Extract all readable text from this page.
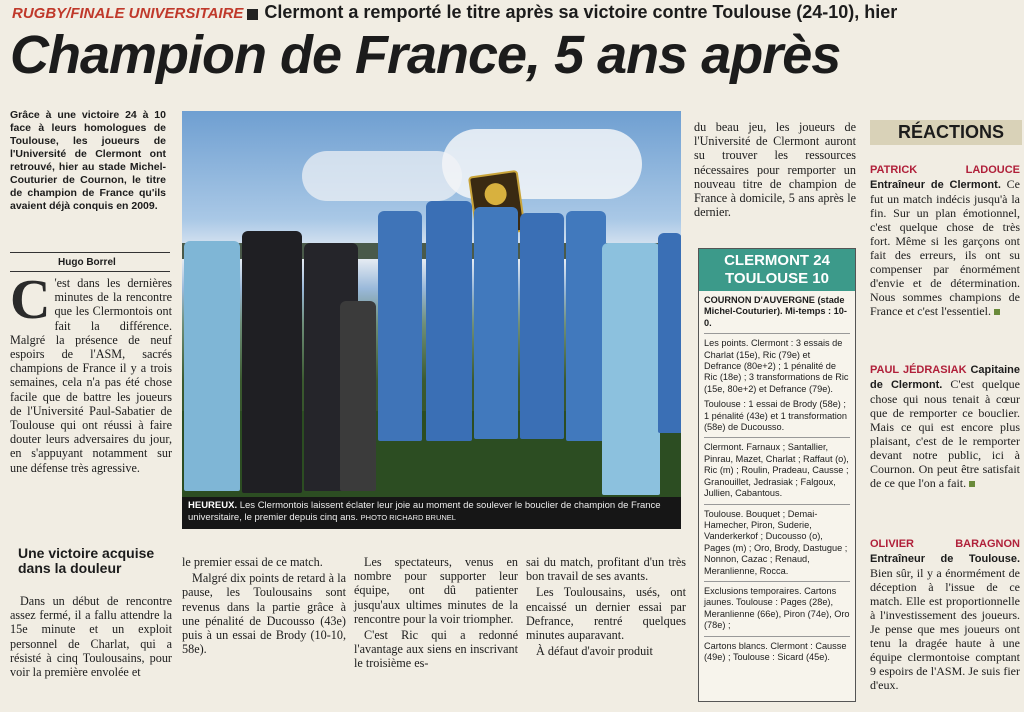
RUGBY/FINALE UNIVERSITAIRE Clermont a remporté le titre après sa victoire contre Toulouse (24-10), hier
Champion de France, 5 ans après
Grâce à une victoire 24 à 10 face à leurs homologues de Toulouse, les joueurs de l'Université de Clermont ont retrouvé, hier au stade Michel-Couturier de Cournon, le titre de champion de France qu'ils avaient déjà conquis en 2009.
Hugo Borrel
C 'est dans les dernières minutes de la rencontre que les Clermontois ont fait la différence. Malgré la présence de neuf espoirs de l'ASM, sacrés champions de France il y a trois semaines, cela n'a pas été chose facile que de battre les joueurs de l'Université Paul-Sabatier de Toulouse qui ont réussi à faire douter leurs adversaires du jour, en s'appuyant notamment sur une défense très agressive.
Une victoire acquise dans la douleur

Dans un début de rencontre assez fermé, il a fallu attendre la 15e minute et un exploit personnel de Charlat, qui a résisté à cinq Toulousains, pour voir la première envolée et

HEUREUX. Les Clermontois laissent éclater leur joie au moment de soulever le bouclier de champion de France universitaire, le premier depuis cinq ans. PHOTO RICHARD BRUNEL

le premier essai de ce match.

Malgré dix points de retard à la pause, les Toulousains sont revenus dans la partie grâce à une pénalité de Ducousso (43e) puis à un essai de Brody (10-10, 58e).

Les spectateurs, venus en nombre pour supporter leur équipe, ont dû patienter jusqu'aux ultimes minutes de la rencontre pour la voir triompher.

C'est Ric qui a redonné l'avantage aux siens en inscrivant le troisième es-

sai du match, profitant d'un très bon travail de ses avants.

Les Toulousains, usés, ont encaissé un dernier essai par Defrance, rentré quelques minutes auparavant.

À défaut d'avoir produit

du beau jeu, les joueurs de l'Université de Clermont auront su trouver les ressources nécessaires pour remporter un nouveau titre de champion de France à domicile, 5 ans après le dernier.

CLERMONT 24
TOULOUSE 10

COURNON D'AUVERGNE (stade Michel-Couturier). Mi-temps : 10-0.

Les points. Clermont : 3 essais de Charlat (15e), Ric (79e) et Defrance (80e+2) ; 1 pénalité de Ric (18e) ; 3 transformations de Ric (15e, 80e+2) et Defrance (79e).

Toulouse : 1 essai de Brody (58e) ; 1 pénalité (43e) et 1 transformation (58e) de Ducousso.

Clermont. Farnaux ; Santallier, Pinrau, Mazet, Charlat ; Raffaut (o), Ric (m) ; Roulin, Pradeau, Causse ; Granouillet, Jedrasiak ; Falgoux, Jullien, Cabantous.

Toulouse. Bouquet ; Demai-Hamecher, Piron, Suderie, Vanderkerkof ; Ducousso (o), Pages (m) ; Oro, Brody, Dastugue ; Nonnon, Cazac ; Renaud, Meranlienne, Rocca.

Exclusions temporaires. Cartons jaunes. Toulouse : Pages (28e), Meranlienne (66e), Piron (74e), Oro (78e) ;

Cartons blancs. Clermont : Causse (49e) ; Toulouse : Sicard (45e).

RÉACTIONS
PATRICK LADOUCE Entraîneur de Clermont. Ce fut un match indécis jusqu'à la fin. Sur un plan émotionnel, c'est quelque chose de très fort. Même si les garçons ont fait des erreurs, ils ont su compenser par énormément d'envie et de détermination. Nous sommes champions de France et c'est l'essentiel.
PAUL JÉDRASIAK Capitaine de Clermont. C'est quelque chose qui nous tenait à cœur que de remporter ce bouclier. Mais ce qui est encore plus plaisant, c'est de le remporter devant notre public, ici à Cournon. On peut être satisfait de ce que l'on a fait.
OLIVIER BARAGNON Entraîneur de Toulouse. Bien sûr, il y a énormément de déception à l'issue de ce match. Elle est proportionnelle à l'investissement des joueurs. Je pense que mes joueurs ont tenu la dragée haute à une équipe clermontoise comptant 9 espoirs de l'ASM. Je suis fier d'eux.
